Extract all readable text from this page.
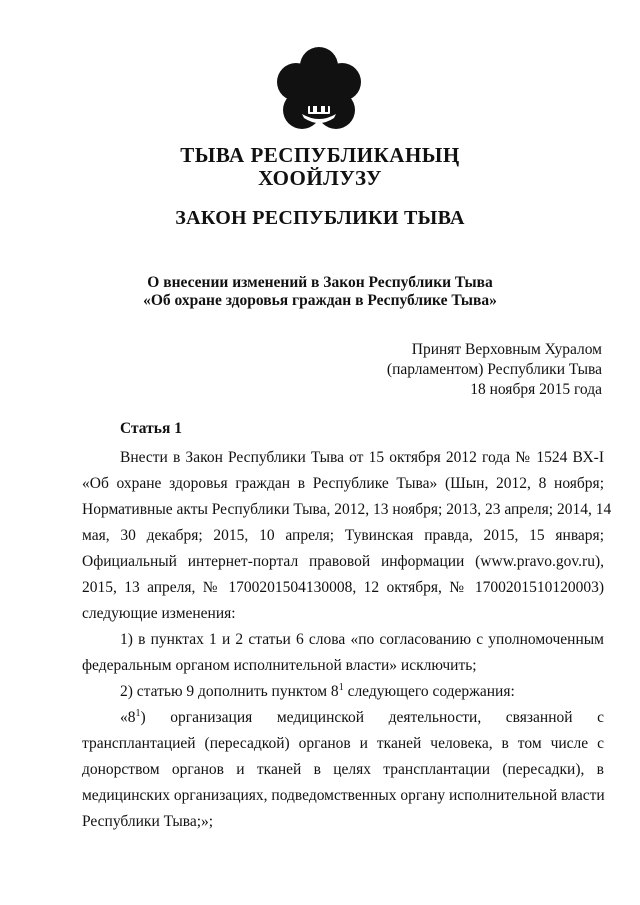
ТЫВА РЕСПУБЛИКАНЫҢ
ХООЙЛУЗУ
ЗАКОН РЕСПУБЛИКИ ТЫВА
О внесении изменений в Закон Республики Тыва
«Об охране здоровья граждан в Республике Тыва»
Принят Верховным Хуралом
(парламентом) Республики Тыва
18 ноября 2015 года
Статья 1
Внести в Закон Республики Тыва от 15 октября 2012 года № 1524 ВХ-I
«Об охране здоровья граждан в Республике Тыва» (Шын, 2012, 8 ноября;
Нормативные акты Республики Тыва, 2012, 13 ноября; 2013, 23 апреля; 2014, 14
мая, 30 декабря; 2015, 10 апреля; Тувинская правда, 2015, 15 января;
Официальный интернет-портал правовой информации (www.pravo.gov.ru),
2015, 13 апреля, № 1700201504130008, 12 октября, № 1700201510120003)
следующие изменения:
1) в пунктах 1 и 2 статьи 6 слова «по согласованию с уполномоченным
федеральным органом исполнительной власти» исключить;
2) статью 9 дополнить пунктом $8^1$ следующего содержания:
«$8^1$) организация медицинской деятельности, связанной с
трансплантацией (пересадкой) органов и тканей человека, в том числе с
донорством органов и тканей в целях трансплантации (пересадки), в
медицинских организациях, подведомственных органу исполнительной власти
Республики Тыва;»;
